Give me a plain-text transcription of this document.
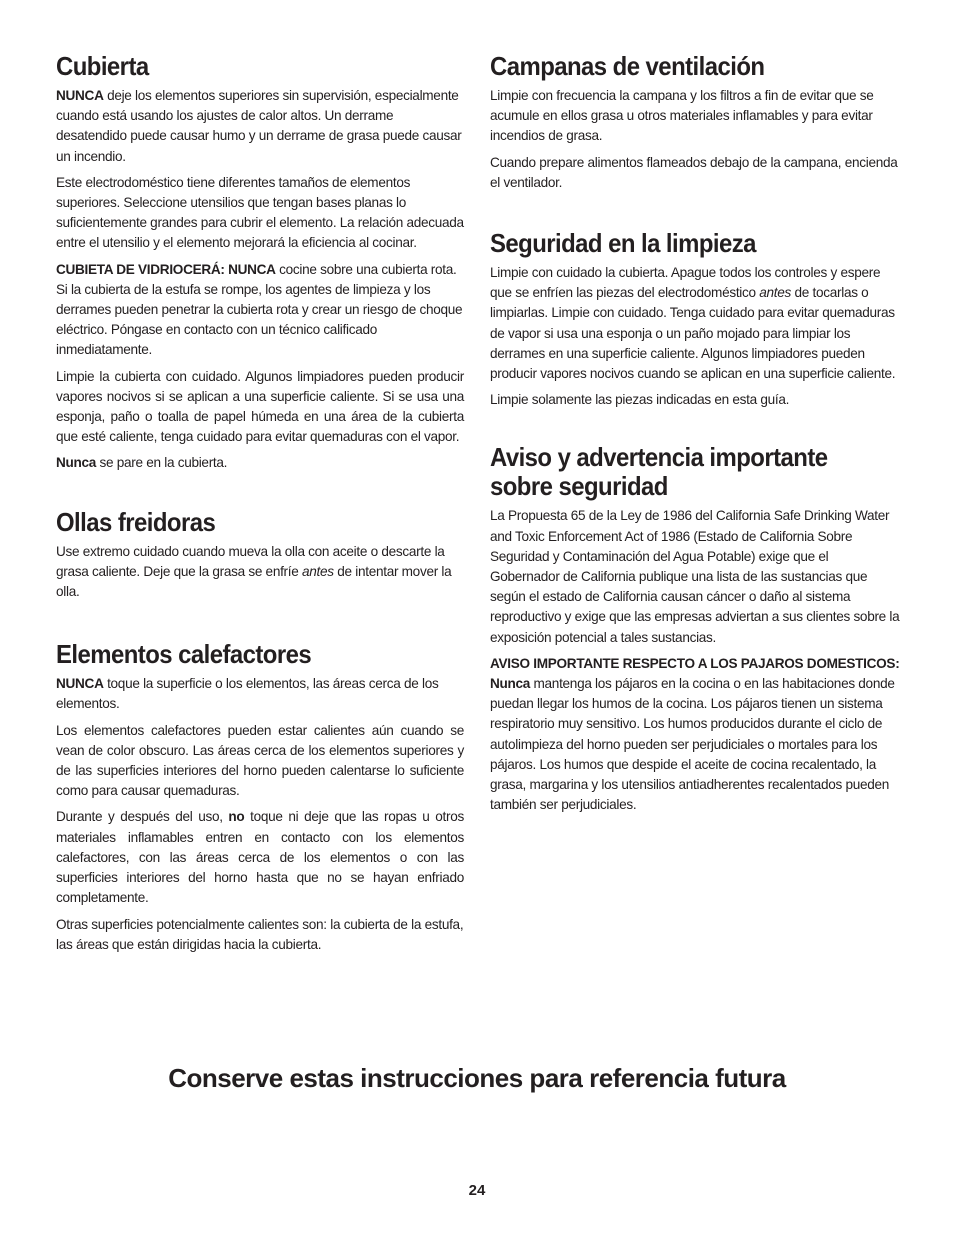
Cubierta

NUNCA deje los elementos superiores sin supervisión, especialmente cuando está usando los ajustes de calor altos. Un derrame desatendido puede causar humo y un derrame de grasa puede causar un incendio.

Este electrodoméstico tiene diferentes tamaños de elementos superiores. Seleccione utensilios que tengan bases planas lo suficientemente grandes para cubrir el elemento. La relación adecuada entre el utensilio y el elemento mejorará la eficiencia al cocinar.

CUBIETA DE VIDRIOCERÁ: NUNCA cocine sobre una cubierta rota. Si la cubierta de la estufa se rompe, los agentes de limpieza y los derrames pueden penetrar la cubierta rota y crear un riesgo de choque eléctrico. Póngase en contacto con un técnico calificado inmediatamente.

Limpie la cubierta con cuidado. Algunos limpiadores pueden producir vapores nocivos si se aplican a una superficie caliente. Si se usa una esponja, paño o toalla de papel húmeda en una área de la cubierta que esté caliente, tenga cuidado para evitar quemaduras con el vapor.

Nunca se pare en la cubierta.

Ollas freidoras

Use extremo cuidado cuando mueva la olla con aceite o descarte la grasa caliente. Deje que la grasa se enfríe antes de intentar mover la olla.

Elementos calefactores

NUNCA toque la superficie o los elementos, las áreas cerca de los elementos.

Los elementos calefactores pueden estar calientes aún cuando se vean de color obscuro. Las áreas cerca de los elementos superiores y de las superficies interiores del horno pueden calentarse lo suficiente como para causar quemaduras.

Durante y después del uso, no toque ni deje que las ropas u otros materiales inflamables entren en contacto con los elementos calefactores, con las áreas cerca de los elementos o con las superficies interiores del horno hasta que no se hayan enfriado completamente.

Otras superficies potencialmente calientes son: la cubierta de la estufa, las áreas que están dirigidas hacia la cubierta.

Campanas de ventilación

Limpie con frecuencia la campana y los filtros a fin de evitar que se acumule en ellos grasa u otros materiales inflamables y para evitar incendios de grasa.

Cuando prepare alimentos flameados debajo de la campana, encienda el ventilador.

Seguridad en la limpieza

Limpie con cuidado la cubierta. Apague todos los controles y espere que se enfríen las piezas del electrodoméstico antes de tocarlas o limpiarlas. Limpie con cuidado. Tenga cuidado para evitar quemaduras de vapor si usa una esponja o un paño mojado para limpiar los derrames en una superficie caliente. Algunos limpiadores pueden producir vapores nocivos cuando se aplican en una superficie caliente.

Limpie solamente las piezas indicadas en esta guía.

Aviso y advertencia importante
sobre seguridad

La Propuesta 65 de la Ley de 1986 del California Safe Drinking Water and Toxic Enforcement Act of 1986 (Estado de California Sobre Seguridad y Contaminación del Agua Potable) exige que el Gobernador de California publique una lista de las sustancias que según el estado de California causan cáncer o daño al sistema reproductivo y exige que las empresas adviertan a sus clientes sobre la exposición potencial a tales sustancias.

AVISO IMPORTANTE RESPECTO A LOS PAJAROS DOMESTICOS: Nunca mantenga los pájaros en la cocina o en las habitaciones donde puedan llegar los humos de la cocina. Los pájaros tienen un sistema respiratorio muy sensitivo. Los humos producidos durante el ciclo de autolimpieza del horno pueden ser perjudiciales o mortales para los pájaros. Los humos que despide el aceite de cocina recalentado, la grasa, margarina y los utensilios antiadherentes recalentados pueden también ser perjudiciales.

Conserve estas instrucciones para referencia futura
24
